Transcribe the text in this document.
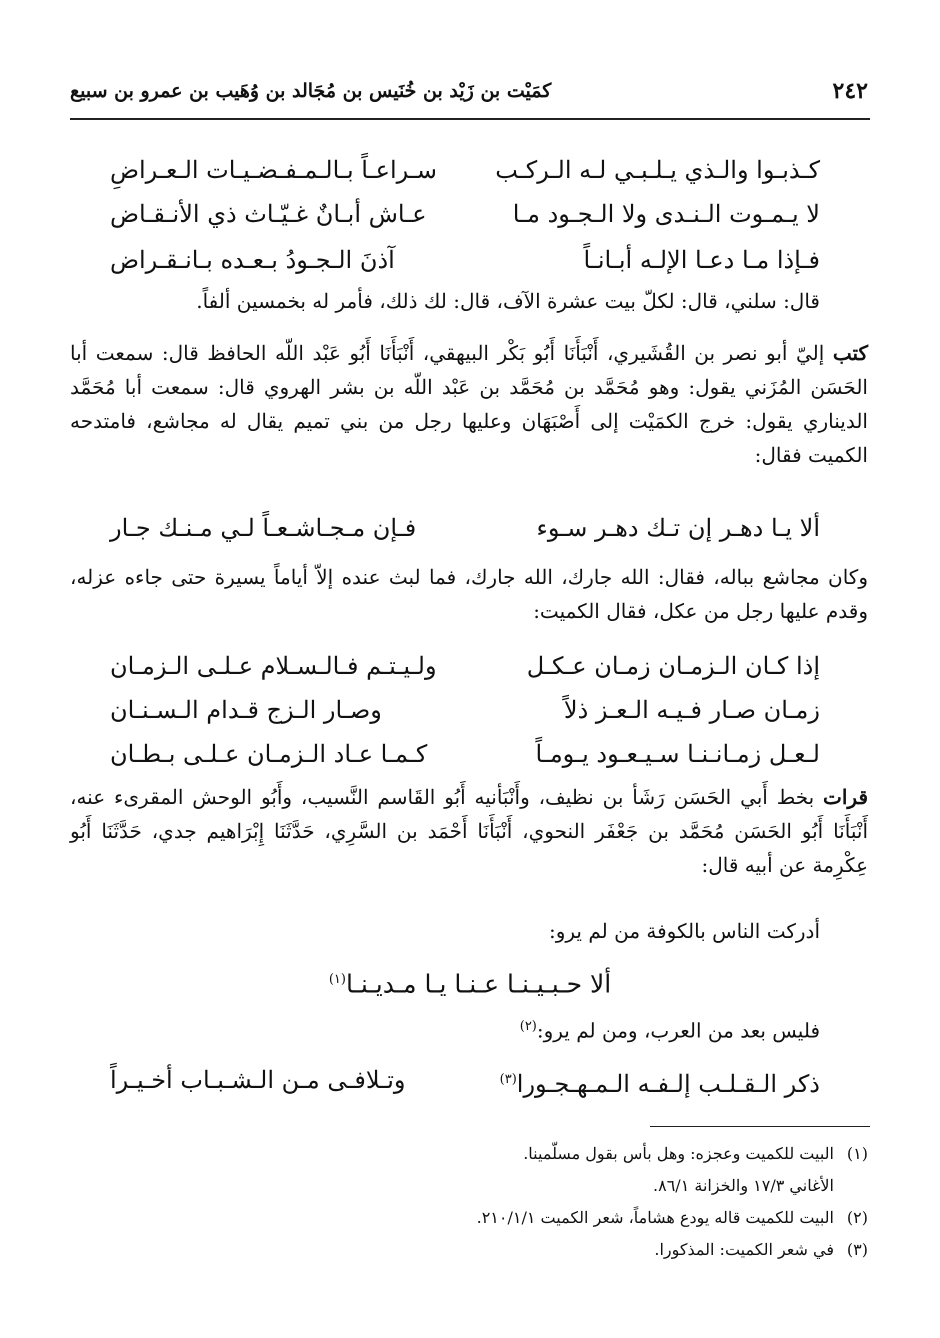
٢٤٢
كمَيْت بن زَيْد بن خُنَيس بن مُجَالد بن وُهَيب بن عمرو بن سبيع
كـذبـوا والـذي يـلـبـي لـه الـركـب
سـراعـاً بـالـمـفـضـيـات الـعـراضِ
لا يـمـوت الـنـدى ولا الـجـود مـا
عـاش أبـانٌ غـيّـاث ذي الأنـقـاض
فـإذا مـا دعـا الإلـه أبـانـاً
آذنَ الـجـودُ بـعـده بـانـقـراض
قال: سلني، قال: لكلّ بيت عشرة الآف، قال: لك ذلك، فأمر له بخمسين ألفاً.
كتب إليّ أبو نصر بن القُشَيري، أَنْبَأَنَا أَبُو بَكْر البيهقي، أَنْبَأَنَا أَبُو عَبْد اللّه الحافظ قال: سمعت أبا الحَسَن المُزَني يقول: وهو مُحَمَّد بن مُحَمَّد بن عَبْد اللّه بن بشر الهروي قال: سمعت أبا مُحَمَّد الديناري يقول: خرج الكمَيْت إلى أَصْبَهَان وعليها رجل من بني تميم يقال له مجاشع، فامتدحه الكميت فقال:
ألا يـا دهـر إن تـك دهـر سـوء
فـإن مـجـاشـعـاً لـي مـنـك جـار
وكان مجاشع بباله، فقال: الله جارك، الله جارك، فما لبث عنده إلاّ أياماً يسيرة حتى جاءه عزله، وقدم عليها رجل من عكل، فقال الكميت:
إذا كـان الـزمـان زمـان عـكـل
ولـيـتـم فـالـسـلام عـلـى الـزمـان
زمـان صـار فـيـه الـعـز ذلاً
وصـار الـزج قـدام الـسـنـان
لـعـل زمـانـنـا سـيـعـود يـومـاً
كـمـا عـاد الـزمـان عـلـى بـطـان
قرات بخط أَبي الحَسَن رَشَأ بن نظيف، وأَنْبَأنيه أَبُو القَاسم النَّسيب، وأَبُو الوحش المقرىء عنه، أَنْبَأَنَا أَبُو الحَسَن مُحَمَّد بن جَعْفَر النحوي، أَنْبَأَنَا أَحْمَد بن السَّرِي، حَدَّثَنَا إِبْرَاهيم جدي، حَدَّثَنَا أَبُو عِكْرِمة عن أبيه قال:
أدركت الناس بالكوفة من لم يرو:
ألا حـبـيـنـا عـنـا يـا مـديـنـا$^{(١)}$
فليس بعد من العرب، ومن لم يرو:$^{(٢)}$
ذكر الـقـلـب إلـفـه الـمـهـجـورا$^{(٣)}$
وتـلافـى مـن الـشـبـاب أخـيـراً
(١)
البيت للكميت وعجزه: وهل بأس بقول مسلّمينا.
الأغاني ١٧/٣ والخزانة ٨٦/١.
(٢)
البيت للكميت قاله يودع هشاماً، شعر الكميت ٢١٠/١/١.
(٣)
في شعر الكميت: المذكورا.
